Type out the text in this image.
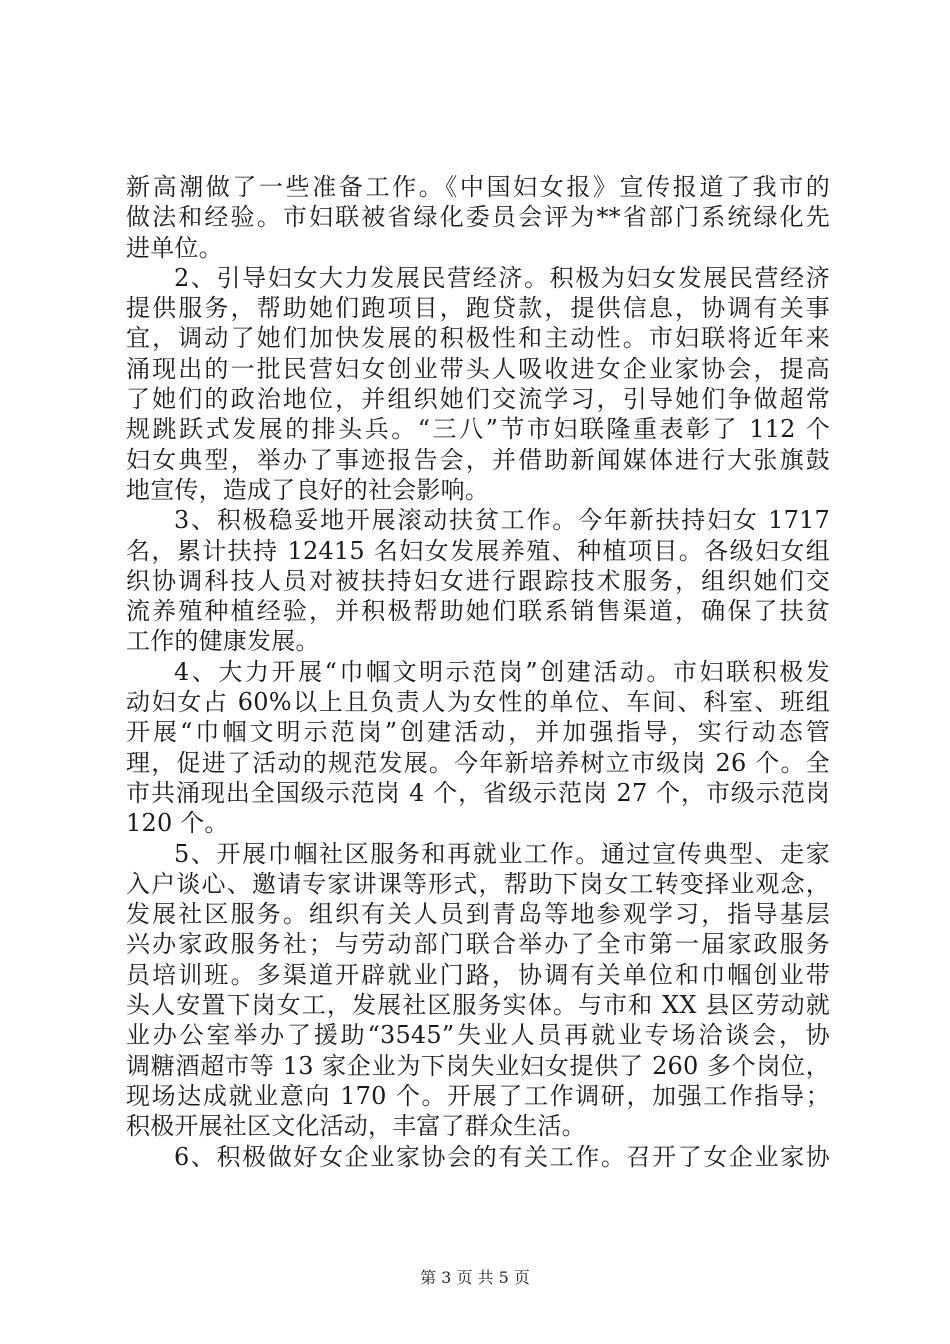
新高潮做了一些准备工作。《中国妇女报》宣传报道了我市的
做法和经验。市妇联被省绿化委员会评为**省部门系统绿化先
进单位。
2、引导妇女大力发展民营经济。积极为妇女发展民营经济
提供服务，帮助她们跑项目，跑贷款，提供信息，协调有关事
宜，调动了她们加快发展的积极性和主动性。市妇联将近年来
涌现出的一批民营妇女创业带头人吸收进女企业家协会，提高
了她们的政治地位，并组织她们交流学习，引导她们争做超常
规跳跃式发展的排头兵。“三八”节市妇联隆重表彰了 112 个
妇女典型，举办了事迹报告会，并借助新闻媒体进行大张旗鼓
地宣传，造成了良好的社会影响。
3、积极稳妥地开展滚动扶贫工作。今年新扶持妇女 1717
名，累计扶持 12415 名妇女发展养殖、种植项目。各级妇女组
织协调科技人员对被扶持妇女进行跟踪技术服务，组织她们交
流养殖种植经验，并积极帮助她们联系销售渠道，确保了扶贫
工作的健康发展。
4、大力开展“巾帼文明示范岗”创建活动。市妇联积极发
动妇女占 60%以上且负责人为女性的单位、车间、科室、班组
开展“巾帼文明示范岗”创建活动，并加强指导，实行动态管
理，促进了活动的规范发展。今年新培养树立市级岗 26 个。全
市共涌现出全国级示范岗 4 个，省级示范岗 27 个，市级示范岗
120 个。
5、开展巾帼社区服务和再就业工作。通过宣传典型、走家
入户谈心、邀请专家讲课等形式，帮助下岗女工转变择业观念，
发展社区服务。组织有关人员到青岛等地参观学习，指导基层
兴办家政服务社；与劳动部门联合举办了全市第一届家政服务
员培训班。多渠道开辟就业门路，协调有关单位和巾帼创业带
头人安置下岗女工，发展社区服务实体。与市和 XX 县区劳动就
业办公室举办了援助“3545”失业人员再就业专场洽谈会，协
调糖酒超市等 13 家企业为下岗失业妇女提供了 260 多个岗位，
现场达成就业意向 170 个。开展了工作调研，加强工作指导；
积极开展社区文化活动，丰富了群众生活。
6、积极做好女企业家协会的有关工作。召开了女企业家协
第 3 页 共 5 页
